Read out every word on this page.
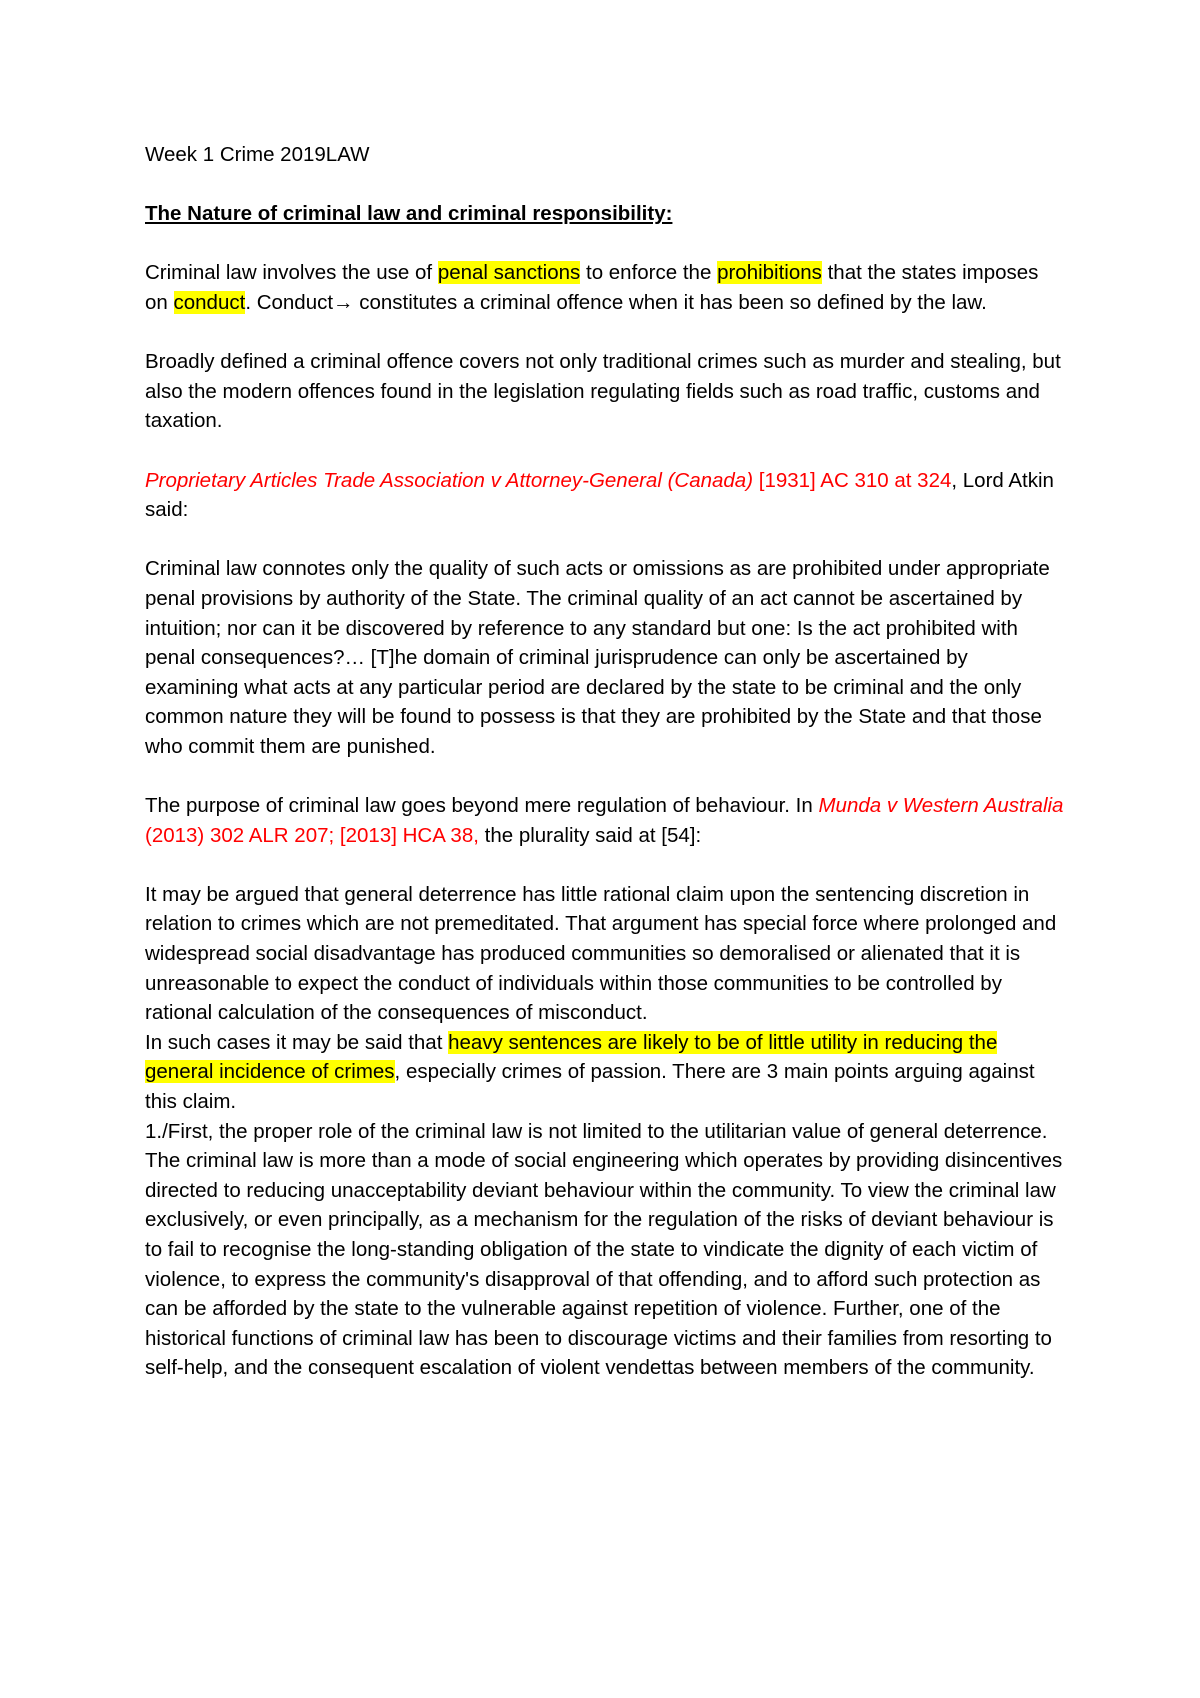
Week 1 Crime 2019LAW

The Nature of criminal law and criminal responsibility:

Criminal law involves the use of penal sanctions to enforce the prohibitions that the states imposes on conduct. Conduct→ constitutes a criminal offence when it has been so defined by the law.

Broadly defined a criminal offence covers not only traditional crimes such as murder and stealing, but also the modern offences found in the legislation regulating fields such as road traffic, customs and taxation.

Proprietary Articles Trade Association v Attorney-General (Canada) [1931] AC 310 at 324, Lord Atkin said:

Criminal law connotes only the quality of such acts or omissions as are prohibited under appropriate penal provisions by authority of the State. The criminal quality of an act cannot be ascertained by intuition; nor can it be discovered by reference to any standard but one: Is the act prohibited with penal consequences?… [T]he domain of criminal jurisprudence can only be ascertained by examining what acts at any particular period are declared by the state to be criminal and the only common nature they will be found to possess is that they are prohibited by the State and that those who commit them are punished.

The purpose of criminal law goes beyond mere regulation of behaviour. In Munda v Western Australia (2013) 302 ALR 207; [2013] HCA 38, the plurality said at [54]:

It may be argued that general deterrence has little rational claim upon the sentencing discretion in relation to crimes which are not premeditated. That argument has special force where prolonged and widespread social disadvantage has produced communities so demoralised or alienated that it is unreasonable to expect the conduct of individuals within those communities to be controlled by rational calculation of the consequences of misconduct.

In such cases it may be said that heavy sentences are likely to be of little utility in reducing the general incidence of crimes, especially crimes of passion. There are 3 main points arguing against this claim.

1./First, the proper role of the criminal law is not limited to the utilitarian value of general deterrence. The criminal law is more than a mode of social engineering which operates by providing disincentives directed to reducing unacceptability deviant behaviour within the community. To view the criminal law exclusively, or even principally, as a mechanism for the regulation of the risks of deviant behaviour is to fail to recognise the long-standing obligation of the state to vindicate the dignity of each victim of violence, to express the community's disapproval of that offending, and to afford such protection as can be afforded by the state to the vulnerable against repetition of violence. Further, one of the historical functions of criminal law has been to discourage victims and their families from resorting to self-help, and the consequent escalation of violent vendettas between members of the community.
